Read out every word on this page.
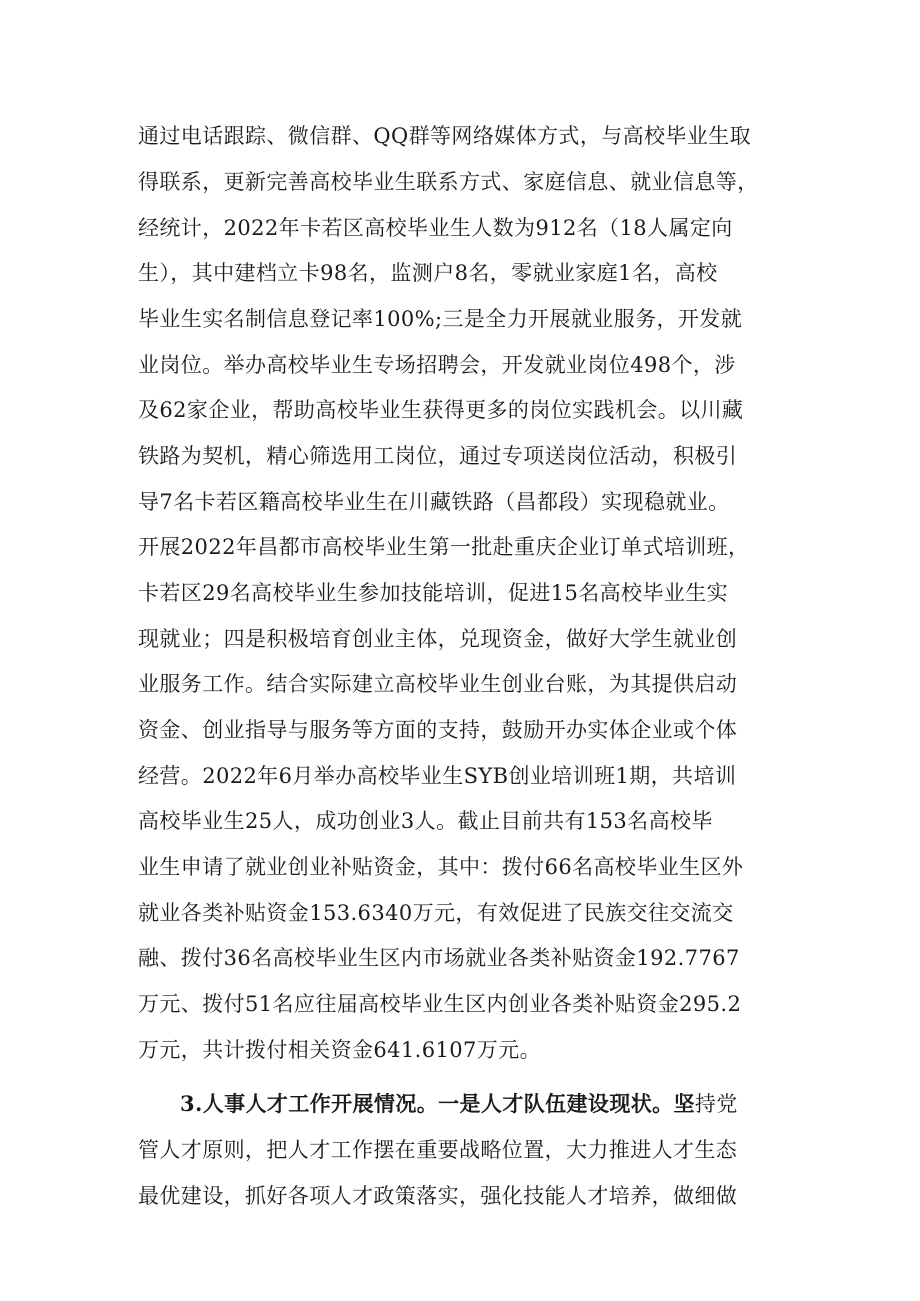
通过电话跟踪、微信群、QQ群等网络媒体方式，与高校毕业生取
得联系，更新完善高校毕业生联系方式、家庭信息、就业信息等，
经统计，2022年卡若区高校毕业生人数为912名（18人属定向
生），其中建档立卡98名，监测户8名，零就业家庭1名，高校
毕业生实名制信息登记率100%;三是全力开展就业服务，开发就
业岗位。举办高校毕业生专场招聘会，开发就业岗位498个，涉
及62家企业，帮助高校毕业生获得更多的岗位实践机会。以川藏
铁路为契机，精心筛选用工岗位，通过专项送岗位活动，积极引
导7名卡若区籍高校毕业生在川藏铁路（昌都段）实现稳就业。
开展2022年昌都市高校毕业生第一批赴重庆企业订单式培训班，
卡若区29名高校毕业生参加技能培训，促进15名高校毕业生实
现就业；四是积极培育创业主体，兑现资金，做好大学生就业创
业服务工作。结合实际建立高校毕业生创业台账，为其提供启动
资金、创业指导与服务等方面的支持，鼓励开办实体企业或个体
经营。2022年6月举办高校毕业生SYB创业培训班1期，共培训
高校毕业生25人，成功创业3人。截止目前共有153名高校毕
业生申请了就业创业补贴资金，其中：拨付66名高校毕业生区外
就业各类补贴资金153.6340万元，有效促进了民族交往交流交
融、拨付36名高校毕业生区内市场就业各类补贴资金192.7767
万元、拨付51名应往届高校毕业生区内创业各类补贴资金295.2
万元，共计拨付相关资金641.6107万元。
3.人事人才工作开展情况。一是人才队伍建设现状。坚持党
管人才原则，把人才工作摆在重要战略位置，大力推进人才生态
最优建设，抓好各项人才政策落实，强化技能人才培养，做细做
